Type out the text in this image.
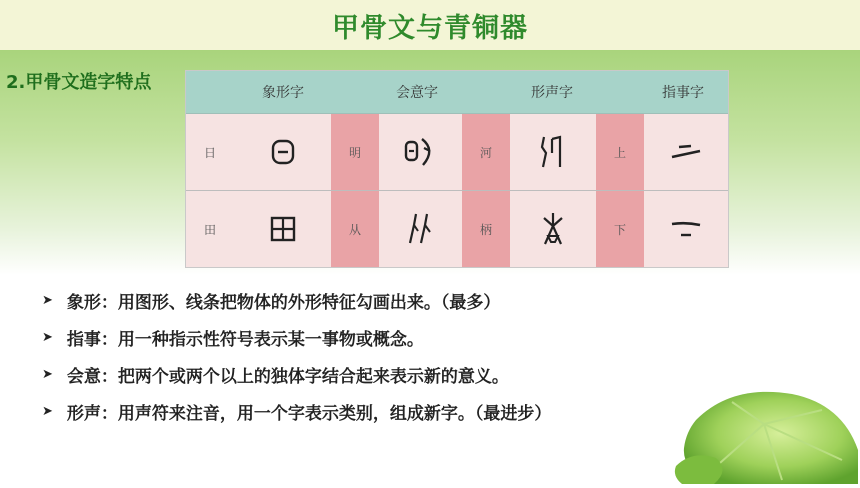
甲骨文与青铜器
2.甲骨文造字特点	象形字	会意字	形声字	指事字
日	明	河	上
田	从	柄	下
➤ 象形：用图形、线条把物体的外形特征勾画出来。（最多）
➤ 指事：用一种指示性符号表示某一事物或概念。
➤ 会意：把两个或两个以上的独体字结合起来表示新的意义。
➤ 形声：用声符来注音，用一个字表示类别，组成新字。（最进步）
